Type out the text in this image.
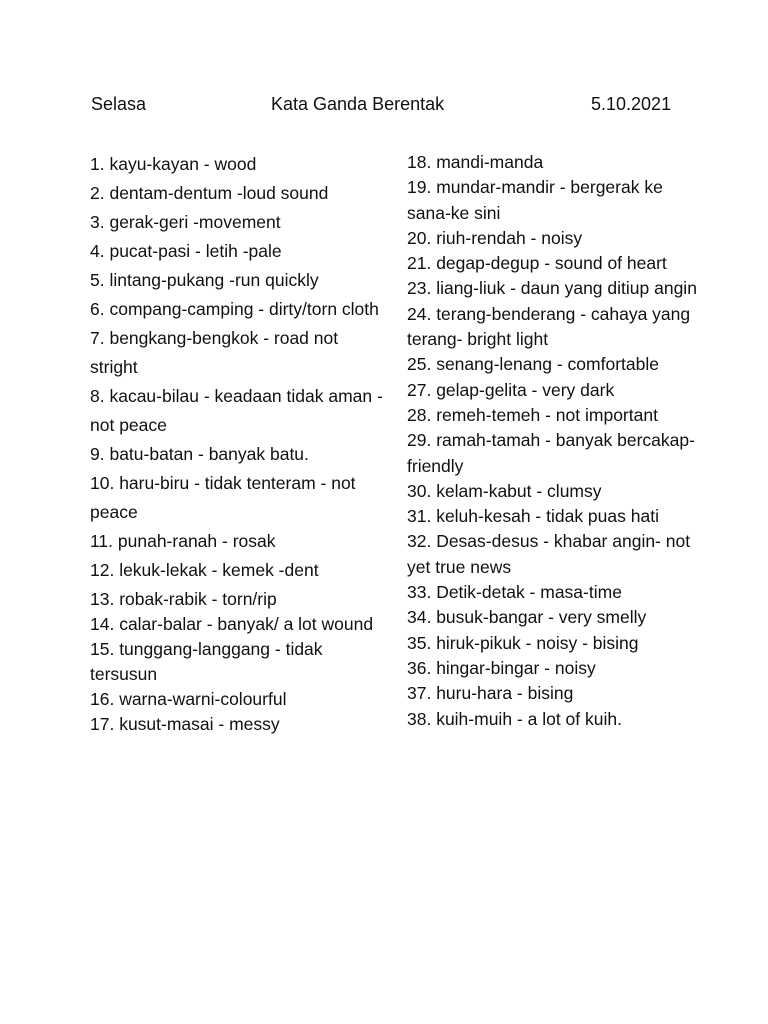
Selasa	Kata Ganda Berentak	5.10.2021
1. kayu-kayan - wood
2. dentam-dentum -loud sound
3. gerak-geri -movement
4. pucat-pasi - letih -pale
5. lintang-pukang -run quickly
6. compang-camping - dirty/torn cloth
7. bengkang-bengkok - road not stright
8. kacau-bilau - keadaan tidak aman - not peace
9. batu-batan - banyak batu.
10. haru-biru - tidak tenteram - not peace
11. punah-ranah - rosak
12. lekuk-lekak - kemek -dent
13. robak-rabik - torn/rip
14. calar-balar - banyak/ a lot wound
15. tunggang-langgang - tidak tersusun
16. warna-warni-colourful
17. kusut-masai - messy
18. mandi-manda
19. mundar-mandir - bergerak ke sana-ke sini
20. riuh-rendah - noisy
21. degap-degup - sound of heart
23. liang-liuk - daun yang ditiup angin
24. terang-benderang - cahaya yang terang- bright light
25. senang-lenang - comfortable
27. gelap-gelita - very dark
28. remeh-temeh - not important
29. ramah-tamah - banyak bercakap- friendly
30. kelam-kabut - clumsy
31. keluh-kesah - tidak puas hati
32. Desas-desus - khabar angin- not yet true news
33. Detik-detak - masa-time
34. busuk-bangar - very smelly
35. hiruk-pikuk - noisy - bising
36. hingar-bingar - noisy
37. huru-hara - bising
38. kuih-muih - a lot of kuih.
